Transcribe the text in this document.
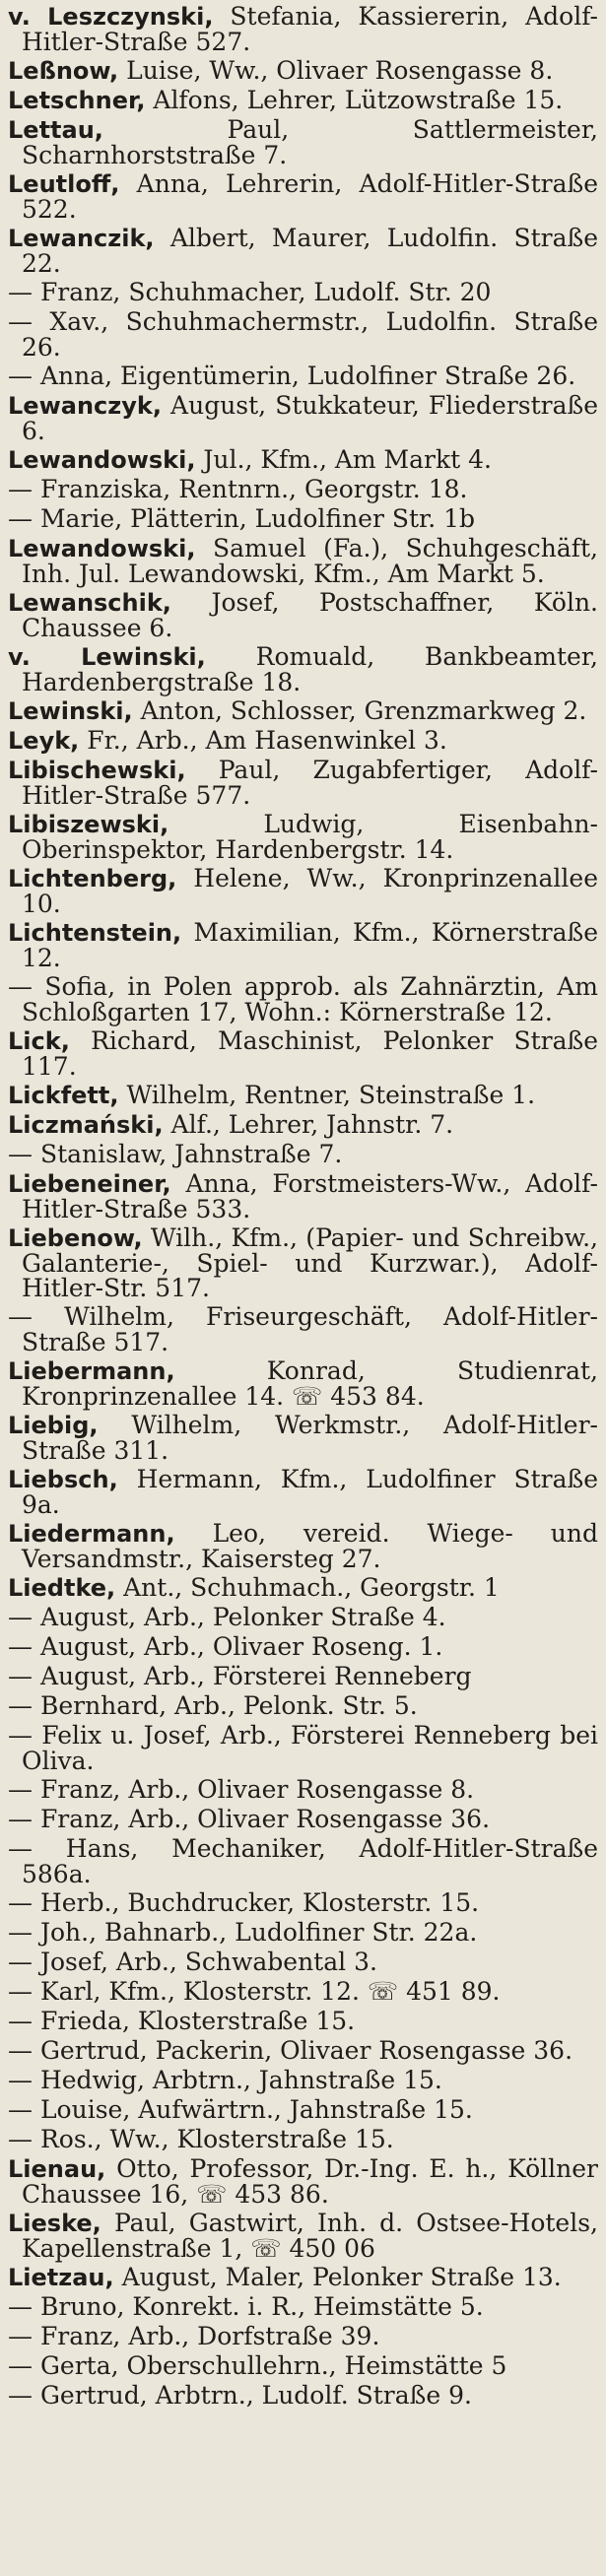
v. Leszczynski, Stefania, Kassiererin, Adolf-Hitler-Straße 527.

Leßnow, Luise, Ww., Olivaer Rosengasse 8.

Letschner, Alfons, Lehrer, Lützowstraße 15.

Lettau, Paul, Sattlermeister, Scharnhorststraße 7.

Leutloff, Anna, Lehrerin, Adolf-Hitler-Straße 522.

Lewanczik, Albert, Maurer, Ludolfin. Straße 22.

— Franz, Schuhmacher, Ludolf. Str. 20

— Xav., Schuhmachermstr., Ludolfin. Straße 26.

— Anna, Eigentümerin, Ludolfiner Straße 26.

Lewanczyk, August, Stukkateur, Fliederstraße 6.

Lewandowski, Jul., Kfm., Am Markt 4.

— Franziska, Rentnrn., Georgstr. 18.

— Marie, Plätterin, Ludolfiner Str. 1b

Lewandowski, Samuel (Fa.), Schuhgeschäft, Inh. Jul. Lewandowski, Kfm., Am Markt 5.

Lewanschik, Josef, Postschaffner, Köln. Chaussee 6.

v. Lewinski, Romuald, Bankbeamter, Hardenbergstraße 18.

Lewinski, Anton, Schlosser, Grenzmarkweg 2.

Leyk, Fr., Arb., Am Hasenwinkel 3.

Libischewski, Paul, Zugabfertiger, Adolf-Hitler-Straße 577.

Libiszewski, Ludwig, Eisenbahn-Oberinspektor, Hardenbergstr. 14.

Lichtenberg, Helene, Ww., Kronprinzenallee 10.

Lichtenstein, Maximilian, Kfm., Körnerstraße 12.

— Sofia, in Polen approb. als Zahnärztin, Am Schloßgarten 17, Wohn.: Körnerstraße 12.

Lick, Richard, Maschinist, Pelonker Straße 117.

Lickfett, Wilhelm, Rentner, Steinstraße 1.

Liczmański, Alf., Lehrer, Jahnstr. 7.

— Stanislaw, Jahnstraße 7.

Liebeneiner, Anna, Forstmeisters-Ww., Adolf-Hitler-Straße 533.

Liebenow, Wilh., Kfm., (Papier- und Schreibw., Galanterie-, Spiel- und Kurzwar.), Adolf-Hitler-Str. 517.

— Wilhelm, Friseurgeschäft, Adolf-Hitler-Straße 517.

Liebermann, Konrad, Studienrat, Kronprinzenallee 14. ☏ 453 84.

Liebig, Wilhelm, Werkmstr., Adolf-Hitler-Straße 311.

Liebsch, Hermann, Kfm., Ludolfiner Straße 9a.

Liedermann, Leo, vereid. Wiege- und Versandmstr., Kaisersteg 27.

Liedtke, Ant., Schuhmach., Georgstr. 1

— August, Arb., Pelonker Straße 4.

— August, Arb., Olivaer Roseng. 1.

— August, Arb., Försterei Renneberg

— Bernhard, Arb., Pelonk. Str. 5.

— Felix u. Josef, Arb., Försterei Renneberg bei Oliva.

— Franz, Arb., Olivaer Rosengasse 8.

— Franz, Arb., Olivaer Rosengasse 36.

— Hans, Mechaniker, Adolf-Hitler-Straße 586a.

— Herb., Buchdrucker, Klosterstr. 15.

— Joh., Bahnarb., Ludolfiner Str. 22a.

— Josef, Arb., Schwabental 3.

— Karl, Kfm., Klosterstr. 12. ☏ 451 89.

— Frieda, Klosterstraße 15.

— Gertrud, Packerin, Olivaer Rosengasse 36.

— Hedwig, Arbtrn., Jahnstraße 15.

— Louise, Aufwärtrn., Jahnstraße 15.

— Ros., Ww., Klosterstraße 15.

Lienau, Otto, Professor, Dr.-Ing. E. h., Köllner Chaussee 16, ☏ 453 86.

Lieske, Paul, Gastwirt, Inh. d. Ostsee-Hotels, Kapellenstraße 1, ☏ 450 06

Lietzau, August, Maler, Pelonker Straße 13.

— Bruno, Konrekt. i. R., Heimstätte 5.

— Franz, Arb., Dorfstraße 39.

— Gerta, Oberschullehrn., Heimstätte 5

— Gertrud, Arbtrn., Ludolf. Straße 9.
